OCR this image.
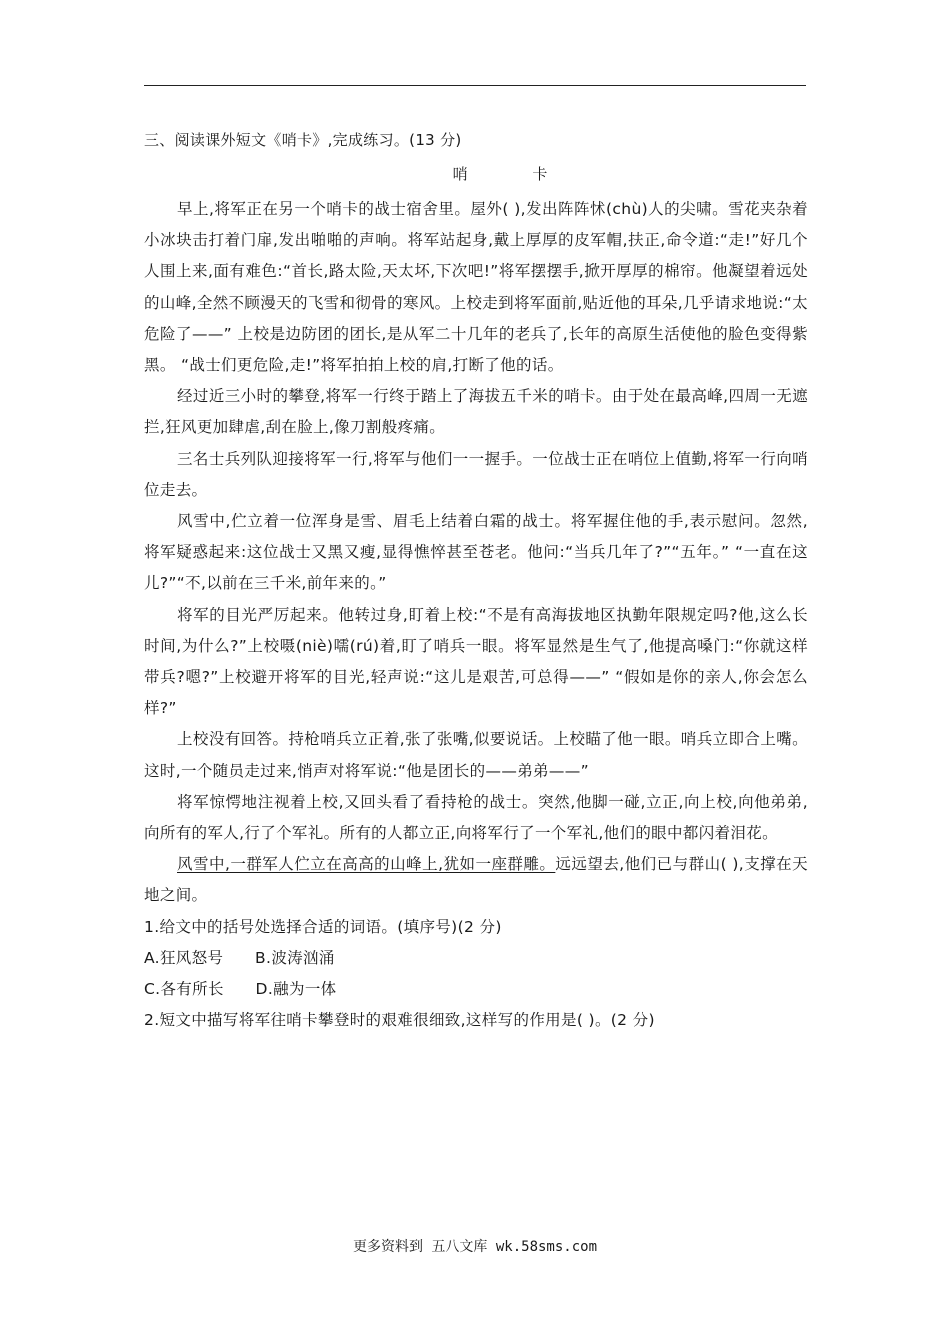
三、阅读课外短文《哨卡》,完成练习。(13 分)
哨 卡

早上,将军正在另一个哨卡的战士宿舍里。屋外( ),发出阵阵怵(chù)人的尖啸。雪花夹杂着小冰块击打着门扉,发出啪啪的声响。将军站起身,戴上厚厚的皮军帽,扶正,命令道:“走!”好几个人围上来,面有难色:“首长,路太险,天太坏,下次吧!”将军摆摆手,掀开厚厚的棉帘。他凝望着远处的山峰,全然不顾漫天的飞雪和彻骨的寒风。上校走到将军面前,贴近他的耳朵,几乎请求地说:“太危险了——” 上校是边防团的团长,是从军二十几年的老兵了,长年的高原生活使他的脸色变得紫黑。 “战士们更危险,走!”将军拍拍上校的肩,打断了他的话。

经过近三小时的攀登,将军一行终于踏上了海拔五千米的哨卡。由于处在最高峰,四周一无遮拦,狂风更加肆虐,刮在脸上,像刀割般疼痛。

三名士兵列队迎接将军一行,将军与他们一一握手。一位战士正在哨位上值勤,将军一行向哨位走去。

风雪中,伫立着一位浑身是雪、眉毛上结着白霜的战士。将军握住他的手,表示慰问。忽然,将军疑惑起来:这位战士又黑又瘦,显得憔悴甚至苍老。他问:“当兵几年了?”“五年。” “一直在这儿?”“不,以前在三千米,前年来的。”

将军的目光严厉起来。他转过身,盯着上校:“不是有高海拔地区执勤年限规定吗?他,这么长时间,为什么?”上校嗫(niè)嚅(rú)着,盯了哨兵一眼。将军显然是生气了,他提高嗓门:“你就这样带兵?嗯?”上校避开将军的目光,轻声说:“这儿是艰苦,可总得——” “假如是你的亲人,你会怎么样?”

上校没有回答。持枪哨兵立正着,张了张嘴,似要说话。上校瞄了他一眼。哨兵立即合上嘴。这时,一个随员走过来,悄声对将军说:“他是团长的——弟弟——”

将军惊愕地注视着上校,又回头看了看持枪的战士。突然,他脚一碰,立正,向上校,向他弟弟,向所有的军人,行了个军礼。所有的人都立正,向将军行了一个军礼,他们的眼中都闪着泪花。

风雪中,一群军人伫立在高高的山峰上,犹如一座群雕。远远望去,他们已与群山( ),支撑在天地之间。

1.给文中的括号处选择合适的词语。(填序号)(2 分)

A.狂风怒号　　B.波涛汹涌

C.各有所长　　D.融为一体

2.短文中描写将军往哨卡攀登时的艰难很细致,这样写的作用是( )。(2 分)

更多资料到 五八文库 wk.58sms.com
